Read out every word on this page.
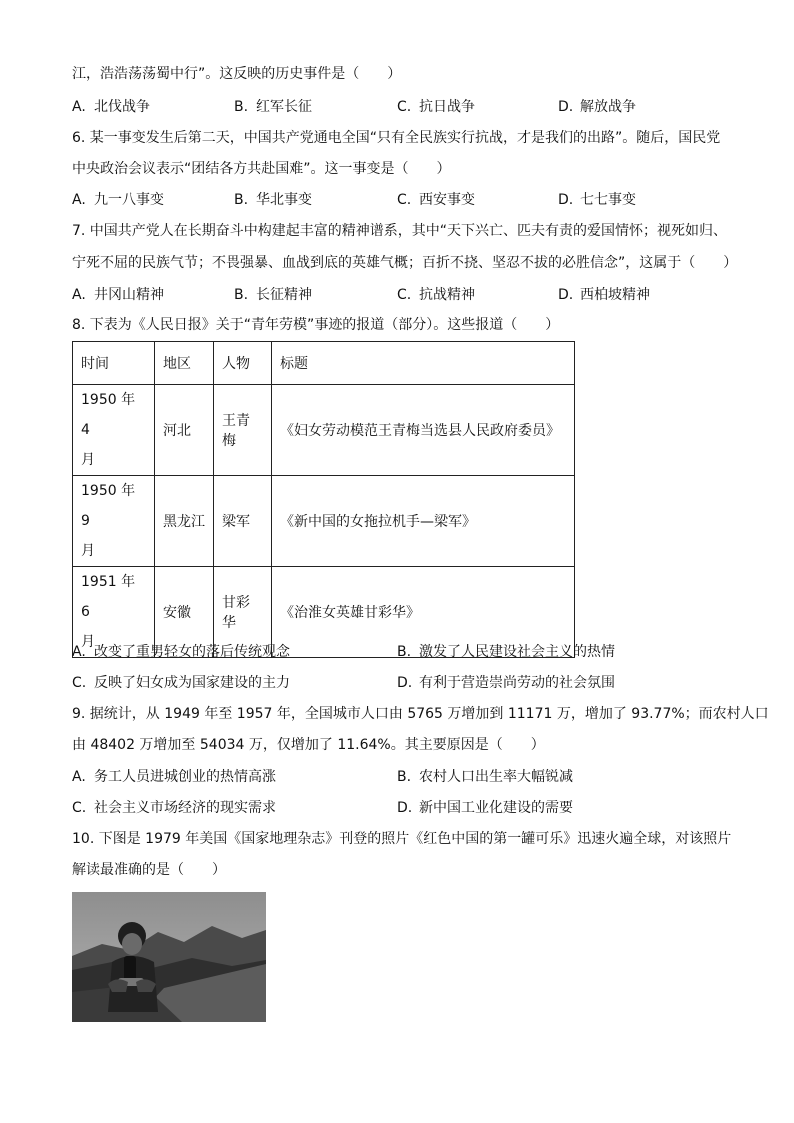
江，浩浩荡荡蜀中行”。这反映的历史事件是（　　）
A. 北伐战争	B. 红军长征	C. 抗日战争	D. 解放战争
6. 某一事变发生后第二天，中国共产党通电全国“只有全民族实行抗战，才是我们的出路”。随后，国民党
中央政治会议表示“团结各方共赴国难”。这一事变是（　　）
A. 九一八事变	B. 华北事变	C. 西安事变	D. 七七事变
7. 中国共产党人在长期奋斗中构建起丰富的精神谱系，其中“天下兴亡、匹夫有责的爱国情怀；视死如归、
宁死不屈的民族气节；不畏强暴、血战到底的英雄气概；百折不挠、坚忍不拔的必胜信念”，这属于（　　）
A. 井冈山精神	B. 长征精神	C. 抗战精神	D. 西柏坡精神
8. 下表为《人民日报》关于“青年劳模”事迹的报道（部分）。这些报道（　　）
时间	地区	人物	标题
1950 年 4
月	河北	王青梅	《妇女劳动模范王青梅当选县人民政府委员》
1950 年 9
月	黑龙江	梁军	《新中国的女拖拉机手—梁军》
1951 年 6
月	安徽	甘彩华	《治淮女英雄甘彩华》
A. 改变了重男轻女的落后传统观念	B. 激发了人民建设社会主义的热情
C. 反映了妇女成为国家建设的主力	D. 有利于营造崇尚劳动的社会氛围
9. 据统计，从 1949 年至 1957 年，全国城市人口由 5765 万增加到 11171 万，增加了 93.77%；而农村人口
由 48402 万增加至 54034 万，仅增加了 11.64%。其主要原因是（　　）
A. 务工人员进城创业的热情高涨	B. 农村人口出生率大幅锐减
C. 社会主义市场经济的现实需求	D. 新中国工业化建设的需要
10. 下图是 1979 年美国《国家地理杂志》刊登的照片《红色中国的第一罐可乐》迅速火遍全球，对该照片
解读最准确的是（　　）
